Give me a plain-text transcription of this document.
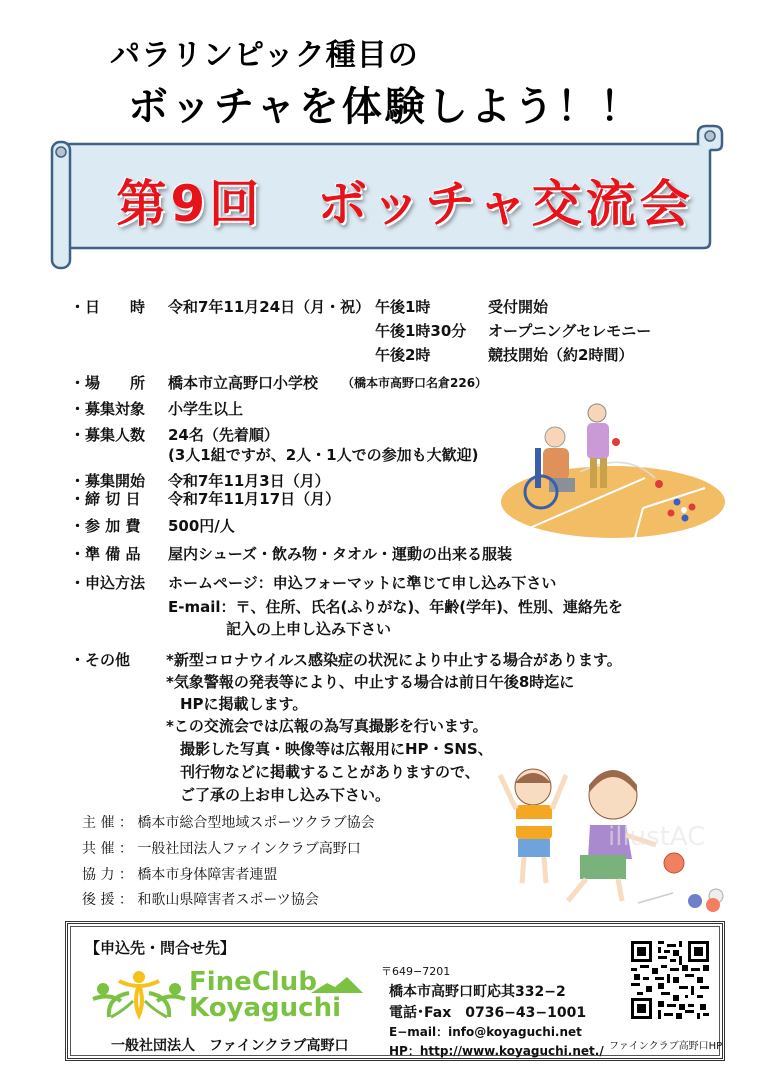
パラリンピック種目の
ボッチャを体験しよう！！
第9回　ボッチャ交流会
・日　　時 令和7年11月24日（月・祝） 午後1時	受付開始
午後1時30分 オープニングセレモニー
午後2時	競技開始（約2時間）
・場　　所 橋本市立高野口小学校 （橋本市高野口名倉226）
・募集対象 小学生以上
・募集人数 24名（先着順）
(3人1組ですが、2人・1人での参加も大歓迎)
・募集開始 令和7年11月3日（月）
・締 切 日 令和7年11月17日（月）
・参 加 費 500円/人
・準 備 品 屋内シューズ・飲み物・タオル・運動の出来る服装
・申込方法 ホームページ：申込フォーマットに準じて申し込み下さい
E-mail：〒、住所、氏名(ふりがな)、年齢(学年)、性別、連絡先を
記入の上申し込み下さい
・その他 *新型コロナウイルス感染症の状況により中止する場合があります。
*気象警報の発表等により、中止する場合は前日午後8時迄に
HPに掲載します。
*この交流会では広報の為写真撮影を行います。
撮影した写真・映像等は広報用にHP・SNS、
刊行物などに掲載することがありますので、
ご了承の上お申し込み下さい。
主 催 ： 橋本市総合型地域スポーツクラブ協会
共 催 ： 一般社団法人ファインクラブ高野口
協 力 ： 橋本市身体障害者連盟
後 援 ： 和歌山県障害者スポーツ協会
illustAC
【申込先・問合せ先】
FineClub
Koyaguchi
一般社団法人　ファインクラブ高野口
〒649−7201
橋本市高野口町応其332−2
電話･Fax　0736−43−1001
E−mail：info@koyaguchi.net
HP：http://www.koyaguchi.net./ ファインクラブ高野口HP
